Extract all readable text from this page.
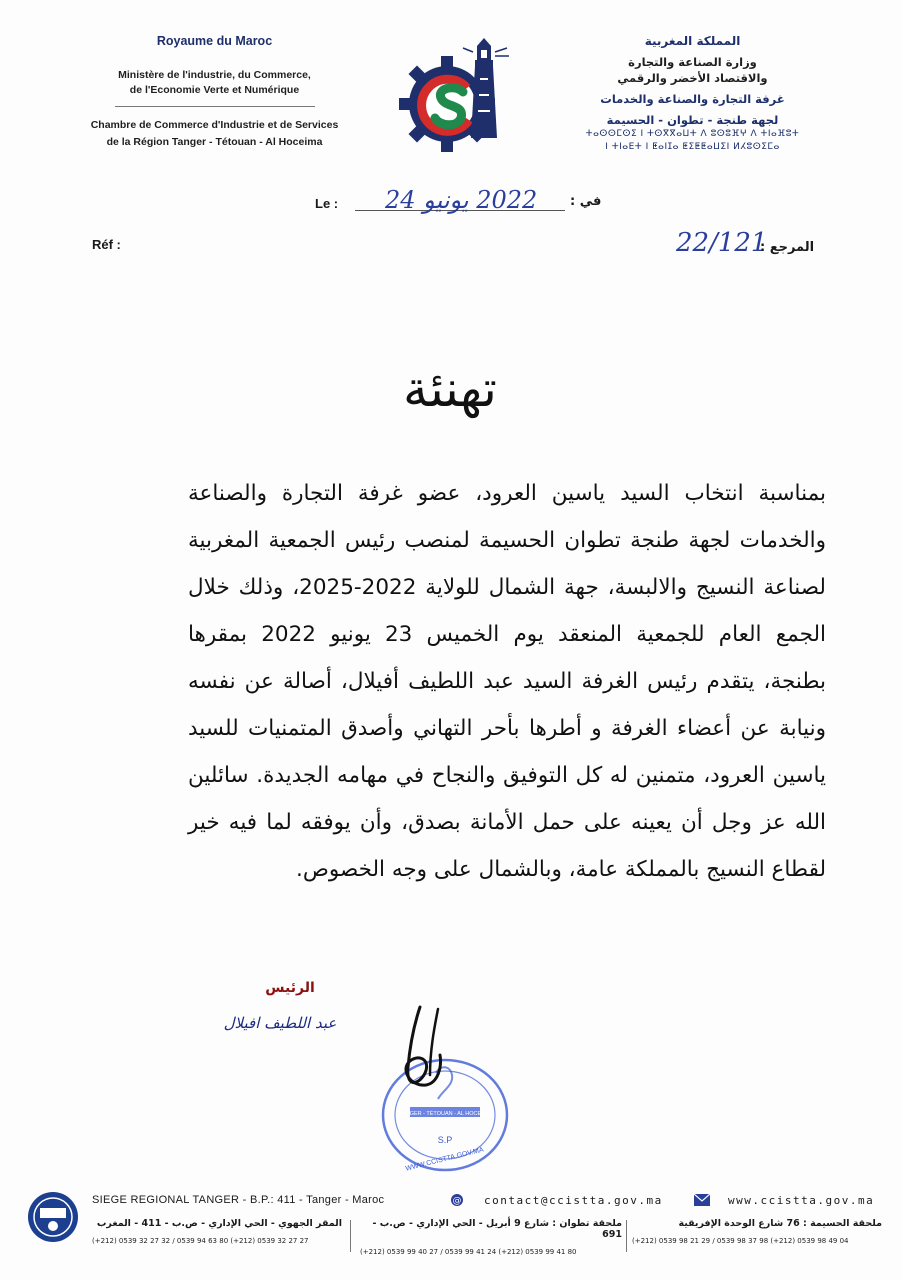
Royaume du Maroc
Ministère de l'industrie, du Commerce,
de l'Economie Verte et Numérique
Chambre de Commerce d'Industrie et de Services
de la Région Tanger - Tétouan - Al Hoceima
المملكة المغربية
وزارة الصناعة والتجارة
والاقتصاد الأخضر والرقمي
غرفة التجارة والصناعة والخدمات
لجهة طنجة - تطوان - الحسيمة
ⵜⴰⵙⵙⵎⵙⵉ ⵏ ⵜⵙⴳⴳⴰⵡⵜ ⴷ ⵓⵙⵓⴼⵖ ⴷ ⵜⵏⴰⴼⵓⵜ
ⵏ ⵜⵏⴰⴹⵜ ⵏ ⵟⴰⵏⵊⴰ ⵟⵉⵟⵟⴰⵡⵉⵏ ⵍⵃⵓⵙⵉⵎⴰ
Le : 2022 يونيو 24	في :
Réf :	22/121
المرجع :
تهنئة

بمناسبة انتخاب السيد ياسين العرود، عضو غرفة التجارة والصناعة والخدمات لجهة طنجة تطوان الحسيمة لمنصب رئيس الجمعية المغربية لصناعة النسيج والالبسة، جهة الشمال للولاية 2022-2025، وذلك خلال الجمع العام للجمعية المنعقد يوم الخميس 23 يونيو 2022 بمقرها بطنجة، يتقدم رئيس الغرفة السيد عبد اللطيف أفيلال، أصالة عن نفسه ونيابة عن أعضاء الغرفة و أطرها بأحر التهاني وأصدق المتمنيات للسيد ياسين العرود، متمنين له كل التوفيق والنجاح في مهامه الجديدة. سائلين الله عز وجل أن يعينه على حمل الأمانة بصدق، وأن يوفقه لما فيه خير لقطاع النسيج بالمملكة عامة، وبالشمال على وجه الخصوص.

الرئيس
عبد اللطيف افيلال
TANGER - TÉTOUAN - AL HOCEIMA
S.P
WWW.CCISTTA.GOV.MA
SIEGE REGIONAL TANGER - B.P.: 411 - Tanger - Maroc	@ contact@ccistta.gov.ma	www.ccistta.gov.ma
المقر الجهوي - الحي الإداري - ص.ب - 411 - المغرب
(+212) 0539 32 27 32 / 0539 94 63 80 (+212) 0539 32 27 27
ملحقة تطوان : شارع 9 أبريل - الحي الإداري - ص.ب - 691
(+212) 0539 99 40 27 / 0539 99 41 24 (+212) 0539 99 41 80
ملحقة الحسيمة : 76 شارع الوحدة الإفريقية
(+212) 0539 98 21 29 / 0539 98 37 98 (+212) 0539 98 49 04
